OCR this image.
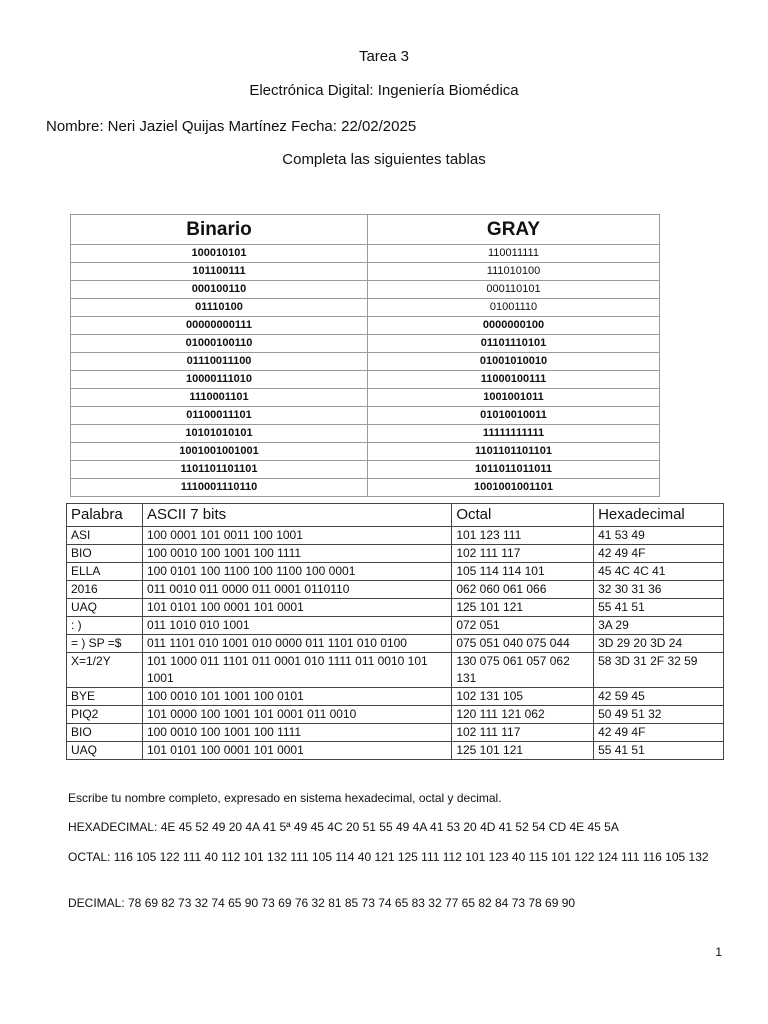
Tarea 3
Electrónica Digital: Ingeniería Biomédica
Nombre: Neri Jaziel Quijas Martínez Fecha: 22/02/2025
Completa las siguientes tablas
Binario	GRAY
100010101	110011111
101100111	111010100
000100110	000110101
01110100	01001110
00000000111	0000000100
01000100110	01101110101
01110011100	01001010010
10000111010	11000100111
1110001101	1001001011
01100011101	01010010011
10101010101	11111111111
1001001001001	1101101101101
1101101101101	1011011011011
1110001110110	1001001001101
Palabra	ASCII 7 bits	Octal	Hexadecimal
ASI	100 0001 101 0011 100 1001	101 123 111	41 53 49
BIO	100 0010 100 1001 100 1111	102 111 117	42 49 4F
ELLA	100 0101 100 1100 100 1100 100 0001	105 114 114 101	45 4C 4C 41
2016	011 0010 011 0000 011 0001 0110110	062 060 061 066	32 30 31 36
UAQ	101 0101 100 0001 101 0001	125 101 121	55 41 51
: )	011 1010 010 1001	072 051	3A 29
= ) SP =$	011 1101 010 1001 010 0000 011 1101 010 0100	075 051 040 075 044	3D 29 20 3D 24
X=1/2Y	101 1000 011 1101 011 0001 010 1111 011 0010 101 1001	130 075 061 057 062 131	58 3D 31 2F 32 59
BYE	100 0010 101 1001 100 0101	102 131 105	42 59 45
PIQ2	101 0000 100 1001 101 0001 011 0010	120 111 121 062	50 49 51 32
BIO	100 0010 100 1001 100 1111	102 111 117	42 49 4F
UAQ	101 0101 100 0001 101 0001	125 101 121	55 41 51
Escribe tu nombre completo, expresado en sistema hexadecimal, octal y decimal.
HEXADECIMAL: 4E 45 52 49 20 4A 41 5ª 49 45 4C 20 51 55 49 4A 41 53 20 4D 41 52 54 CD 4E 45 5A
OCTAL: 116 105 122 111 40 112 101 132 111 105 114 40 121 125 111 112 101 123 40 115 101 122 124 111 116 105 132
DECIMAL: 78 69 82 73 32 74 65 90 73 69 76 32 81 85 73 74 65 83 32 77 65 82 84 73 78 69 90
1
